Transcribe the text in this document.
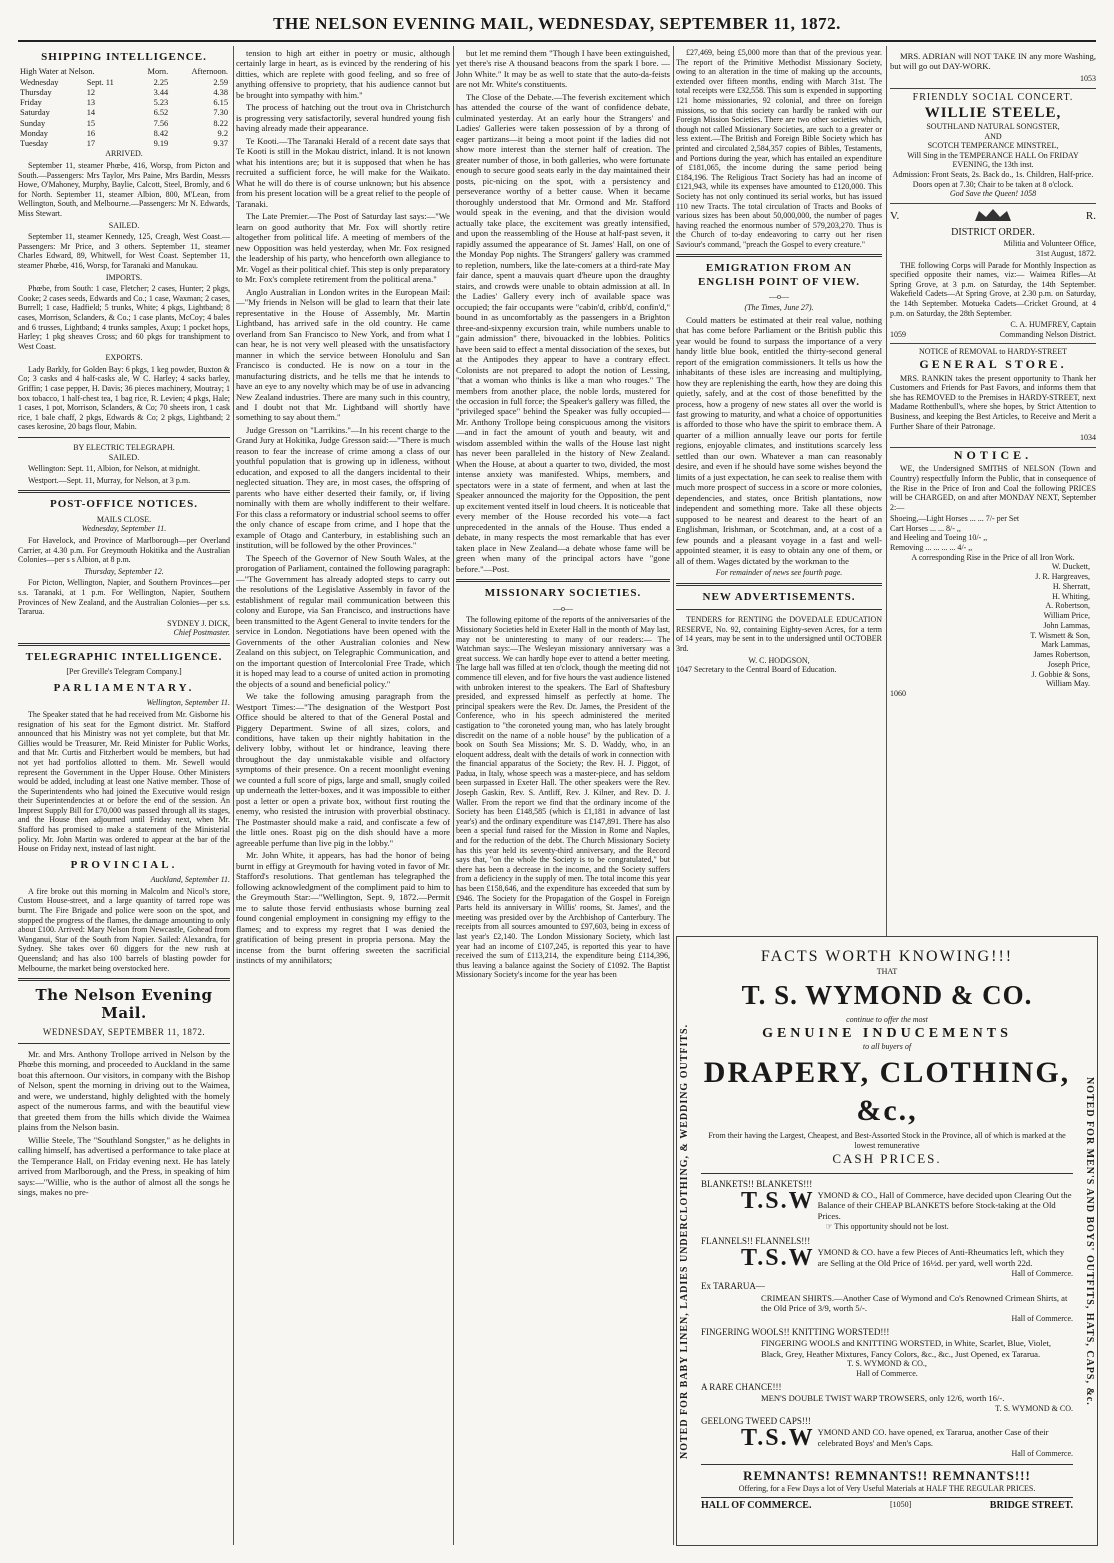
THE NELSON EVENING MAIL, WEDNESDAY, SEPTEMBER 11, 1872.
SHIPPING INTELLIGENCE.
High Water at Nelson.		Morn.	Afternoon.
Wednesday	Sept. 11	2.25	2.59
Thursday	12	3.44	4.38
Friday	13	5.23	6.15
Saturday	14	6.52	7.30
Sunday	15	7.56	8.22
Monday	16	8.42	9.2
Tuesday	17	9.19	9.37
ARRIVED.

September 11, steamer Phœbe, 416, Worsp, from Picton and South.—Passengers: Mrs Taylor, Mrs Paine, Mrs Bardin, Messrs Howe, O'Mahoney, Murphy, Baylie, Calcott, Steel, Bromly, and 6 for North. September 11, steamer Albion, 800, M'Lean, from Wellington, South, and Melbourne.—Passengers: Mr N. Edwards, Miss Stewart.

SAILED.

September 11, steamer Kennedy, 125, Creagh, West Coast.—Passengers: Mr Price, and 3 others. September 11, steamer Charles Edward, 89, Whitwell, for West Coast. September 11, steamer Phœbe, 416, Worsp, for Taranaki and Manukau.

IMPORTS.

Phœbe, from South: 1 case, Fletcher; 2 cases, Hunter; 2 pkgs, Cooke; 2 cases seeds, Edwards and Co.; 1 case, Waxman; 2 cases, Burrell; 1 case, Hadfield; 5 trunks, White; 4 pkgs, Lightband; 8 cases, Morrison, Sclanders, & Co.; 1 case plants, McCoy; 4 bales and 6 trusses, Lightband; 4 trunks samples, Axup; 1 pocket hops, Harley; 1 pkg sheaves Cross; and 60 pkgs for transhipment to West Coast.

EXPORTS.

Lady Barkly, for Golden Bay: 6 pkgs, 1 keg powder, Buxton & Co; 3 casks and 4 half-casks ale, W C. Harley; 4 sacks barley, Griffin; 1 case pepper, H. Davis; 36 pieces machinery, Moutray; 1 box tobacco, 1 half-chest tea, 1 bag rice, R. Levien; 4 pkgs, Hale; 1 cases, 1 pot, Morrison, Sclanders, & Co; 70 sheets iron, 1 cask rice, 1 bale chaff, 2 pkgs, Edwards & Co; 2 pkgs, Lightband; 2 cases kerosine, 20 bags flour, Mabin.

BY ELECTRIC TELEGRAPH.
SAILED.

Wellington: Sept. 11, Albion, for Nelson, at midnight.

Westport.—Sept. 11, Murray, for Nelson, at 3 p.m.

POST-OFFICE NOTICES.
MAILS CLOSE.
Wednesday, September 11.

For Havelock, and Province of Marlborough—per Overland Carrier, at 4.30 p.m. For Greymouth Hokitika and the Australian Colonies—per s s Albion, at 8 p.m.

Thursday, September 12.

For Picton, Wellington, Napier, and Southern Provinces—per s.s. Taranaki, at 1 p.m. For Wellington, Napier, Southern Provinces of New Zealand, and the Australian Colonies—per s.s. Tararua.

SYDNEY J. DICK,
Chief Postmaster.
TELEGRAPHIC INTELLIGENCE.
[Per Greville's Telegram Company.]
PARLIAMENTARY.
Wellington, September 11.

The Speaker stated that he had received from Mr. Gisborne his resignation of his seat for the Egmont district. Mr. Stafford announced that his Ministry was not yet complete, but that Mr. Gillies would be Treasurer, Mr. Reid Minister for Public Works, and that Mr. Curtis and Fitzherbert would be members, but had not yet had portfolios allotted to them. Mr. Sewell would represent the Government in the Upper House. Other Ministers would be added, including at least one Native member. Those of the Superintendents who had joined the Executive would resign their Superintendencies at or before the end of the session. An Imprest Supply Bill for £70,000 was passed through all its stages, and the House then adjourned until Friday next, when Mr. Stafford has promised to make a statement of the Ministerial policy. Mr. John Martin was ordered to appear at the bar of the House on Friday next, instead of last night.

PROVINCIAL.
Auckland, September 11.

A fire broke out this morning in Malcolm and Nicol's store, Custom House-street, and a large quantity of tarred rope was burnt. The Fire Brigade and police were soon on the spot, and stopped the progress of the flames, the damage amounting to only about £100. Arrived: Mary Nelson from Newcastle, Gohead from Wanganui, Star of the South from Napier. Sailed: Alexandra, for Sydney. She takes over 60 diggers for the new rush at Queensland; and has also 100 barrels of blasting powder for Melbourne, the market being overstocked here.

The Nelson Evening Mail.
WEDNESDAY, SEPTEMBER 11, 1872.

Mr. and Mrs. Anthony Trollope arrived in Nelson by the Phœbe this morning, and proceeded to Auckland in the same boat this afternoon. Our visitors, in company with the Bishop of Nelson, spent the morning in driving out to the Waimea, and were, we understand, highly delighted with the homely aspect of the numerous farms, and with the beautiful view that greeted them from the hills which divide the Waimea plains from the Nelson basin.

Willie Steele, The "Southland Songster," as he delights in calling himself, has advertised a performance to take place at the Temperance Hall, on Friday evening next. He has lately arrived from Marlborough, and the Press, in speaking of him says:—"Willie, who is the author of almost all the songs he sings, makes no pre-

tension to high art either in poetry or music, although certainly large in heart, as is evinced by the rendering of his ditties, which are replete with good feeling, and so free of anything offensive to propriety, that his audience cannot but be brought into sympathy with him."

The process of hatching out the trout ova in Christchurch is progressing very satisfactorily, several hundred young fish having already made their appearance.

Te Kooti.—The Taranaki Herald of a recent date says that Te Kooti is still in the Mokau district, inland. It is not known what his intentions are; but it is supposed that when he has recruited a sufficient force, he will make for the Waikato. What he will do there is of course unknown; but his absence from his present location will be a great relief to the people of Taranaki.

The Late Premier.—The Post of Saturday last says:—"We learn on good authority that Mr. Fox will shortly retire altogether from political life. A meeting of members of the new Opposition was held yesterday, when Mr. Fox resigned the leadership of his party, who henceforth own allegiance to Mr. Vogel as their political chief. This step is only preparatory to Mr. Fox's complete retirement from the political arena."

Anglo Australian in London writes in the European Mail:—"My friends in Nelson will be glad to learn that their late representative in the House of Assembly, Mr. Martin Lightband, has arrived safe in the old country. He came overland from San Francisco to New York, and from what I can hear, he is not very well pleased with the unsatisfactory manner in which the service between Honolulu and San Francisco is conducted. He is now on a tour in the manufacturing districts, and he tells me that he intends to have an eye to any novelty which may be of use in advancing New Zealand industries. There are many such in this country, and I doubt not that Mr. Lightband will shortly have something to say about them."

Judge Gresson on "Larrikins."—In his recent charge to the Grand Jury at Hokitika, Judge Gresson said:—"There is much reason to fear the increase of crime among a class of our youthful population that is growing up in idleness, without education, and exposed to all the dangers incidental to their neglected situation. They are, in most cases, the offspring of parents who have either deserted their family, or, if living nominally with them are wholly indifferent to their welfare. For this class a reformatory or industrial school seems to offer the only chance of escape from crime, and I hope that the example of Otago and Canterbury, in establishing such an institution, will be followed by the other Provinces."

The Speech of the Governor of New South Wales, at the prorogation of Parliament, contained the following paragraph:—"The Government has already adopted steps to carry out the resolutions of the Legislative Assembly in favor of the establishment of regular mail communication between this colony and Europe, via San Francisco, and instructions have been transmitted to the Agent General to invite tenders for the service in London. Negotiations have been opened with the Governments of the other Australian colonies and New Zealand on this subject, on Telegraphic Communication, and on the important question of Intercolonial Free Trade, which it is hoped may lead to a course of united action in promoting the objects of a sound and beneficial policy."

We take the following amusing paragraph from the Westport Times:—"The designation of the Westport Post Office should be altered to that of the General Postal and Piggery Department. Swine of all sizes, colors, and conditions, have taken up their nightly habitation in the delivery lobby, without let or hindrance, leaving there throughout the day unmistakable visible and olfactory symptoms of their presence. On a recent moonlight evening we counted a full score of pigs, large and small, snugly coiled up underneath the letter-boxes, and it was impossible to either post a letter or open a private box, without first routing the enemy, who resisted the intrusion with proverbial obstinacy. The Postmaster should make a raid, and confiscate a few of the little ones. Roast pig on the dish should have a more agreeable perfume than live pig in the lobby."

Mr. John White, it appears, has had the honor of being burnt in effigy at Greymouth for having voted in favor of Mr. Stafford's resolutions. That gentleman has telegraphed the following acknowledgment of the compliment paid to him to the Greymouth Star:—"Wellington, Sept. 9, 1872.—Permit me to salute those fervid enthusiasts whose burning zeal found congenial employment in consigning my effigy to the flames; and to express my regret that I was denied the gratification of being present in propria persona. May the incense from the burnt offering sweeten the sacrificial instincts of my annihilators;

but let me remind them "Though I have been extinguished, yet there's rise A thousand beacons from the spark I bore. —John White." It may be as well to state that the auto-da-feists are not Mr. White's constituents.

The Close of the Debate.—The feverish excitement which has attended the course of the want of confidence debate, culminated yesterday. At an early hour the Strangers' and Ladies' Galleries were taken possession of by a throng of eager partizans—it being a moot point if the ladies did not show more interest than the sterner half of creation. The greater number of those, in both galleries, who were fortunate enough to secure good seats early in the day maintained their posts, pic-nicing on the spot, with a persistency and perseverance worthy of a better cause. When it became thoroughly understood that Mr. Ormond and Mr. Stafford would speak in the evening, and that the division would actually take place, the excitement was greatly intensified, and upon the reassembling of the House at half-past seven, it rapidly assumed the appearance of St. James' Hall, on one of the Monday Pop nights. The Strangers' gallery was crammed to repletion, numbers, like the late-comers at a third-rate May fair dance, spent a mauvais quart d'heure upon the draughty stairs, and crowds were unable to obtain admission at all. In the Ladies' Gallery every inch of available space was occupied; the fair occupants were "cabin'd, cribb'd, confin'd," bound in as uncomfortably as the passengers in a Brighton three-and-sixpenny excursion train, while numbers unable to "gain admission" there, bivouacked in the lobbies. Politics have been said to effect a mental dissociation of the sexes, but at the Antipodes they appear to have a contrary effect. Colonists are not prepared to adopt the notion of Lessing, "that a woman who thinks is like a man who rouges." The members from another place, the noble lords, mustered for the occasion in full force; the Speaker's gallery was filled, the "privileged space" behind the Speaker was fully occupied—Mr. Anthony Trollope being conspicuous among the visitors—and in fact the amount of youth and beauty, wit and wisdom assembled within the walls of the House last night has never been paralleled in the history of New Zealand. When the House, at about a quarter to two, divided, the most intense anxiety was manifested. Whips, members, and spectators were in a state of ferment, and when at last the Speaker announced the majority for the Opposition, the pent up excitement vented itself in loud cheers. It is noticeable that every member of the House recorded his vote—a fact unprecedented in the annals of the House. Thus ended a debate, in many respects the most remarkable that has ever taken place in New Zealand—a debate whose fame will be green when many of the principal actors have "gone before."—Post.

MISSIONARY SOCIETIES.
—o—

The following epitome of the reports of the anniversaries of the Missionary Societies held in Exeter Hall in the month of May last, may not be uninteresting to many of our readers:— The Watchman says:—The Wesleyan missionary anniversary was a great success. We can hardly hope ever to attend a better meeting. The large hall was filled at ten o'clock, though the meeting did not commence till eleven, and for five hours the vast audience listened with unbroken interest to the speakers. The Earl of Shaftesbury presided, and expressed himself as perfectly at home. The principal speakers were the Rev. Dr. James, the President of the Conference, who in his speech administered the merited castigation to "the coroneted young man, who has lately brought discredit on the name of a noble house" by the publication of a book on South Sea Missions; Mr. S. D. Waddy, who, in an eloquent address, dealt with the details of work in connection with the financial apparatus of the Society; the Rev. H. J. Piggot, of Padua, in Italy, whose speech was a master-piece, and has seldom been surpassed in Exeter Hall. The other speakers were the Rev. Joseph Gaskin, Rev. S. Antliff, Rev. J. Kilner, and Rev. D. J. Waller. From the report we find that the ordinary income of the Society has been £148,585 (which is £1,181 in advance of last year's) and the ordinary expenditure was £147,891. There has also been a special fund raised for the Mission in Rome and Naples, and for the reduction of the debt. The Church Missionary Society has this year held its seventy-third anniversary, and the Record says that, "on the whole the Society is to be congratulated," but there has been a decrease in the income, and the Society suffers from a deficiency in the supply of men. The total income this year has been £158,646, and the expenditure has exceeded that sum by £946. The Society for the Propagation of the Gospel in Foreign Parts held its anniversary in Willis' rooms, St. James', and the meeting was presided over by the Archbishop of Canterbury. The receipts from all sources amounted to £97,603, being in excess of last year's £2,140. The London Missionary Society, which last year had an income of £107,245, is reported this year to have received the sum of £113,214, the expenditure being £114,396, thus leaving a balance against the Society of £1092. The Baptist Missionary Society's income for the year has been

£27,469, being £5,000 more than that of the previous year. The report of the Primitive Methodist Missionary Society, owing to an alteration in the time of making up the accounts, extended over fifteen months, ending with March 31st. The total receipts were £32,558. This sum is expended in supporting 121 home missionaries, 92 colonial, and three on foreign missions, so that this society can hardly be ranked with our Foreign Mission Societies. There are two other societies which, though not called Missionary Societies, are such to a greater or less extent.—The British and Foreign Bible Society which has printed and circulated 2,584,357 copies of Bibles, Testaments, and Portions during the year, which has entailed an expenditure of £181,065, the income during the same period being £184,196. The Religious Tract Society has had an income of £121,943, while its expenses have amounted to £120,000. This Society has not only continued its serial works, but has issued 110 new Tracts. The total circulation of Tracts and Books of various sizes has been about 50,000,000, the number of pages having reached the enormous number of 579,203,270. Thus is the Church of to-day endeavoring to carry out her risen Saviour's command, "preach the Gospel to every creature."

EMIGRATION FROM AN ENGLISH POINT OF VIEW.
—o—
(The Times, June 27).

Could matters be estimated at their real value, nothing that has come before Parliament or the British public this year would be found to surpass the importance of a very handy little blue book, entitled the thirty-second general report of the emigration commissioners. It tells us how the inhabitants of these isles are increasing and multiplying, how they are replenishing the earth, how they are doing this quietly, safely, and at the cost of those benefitted by the process, how a progeny of new states all over the world is fast growing to maturity, and what a choice of opportunities is afforded to those who have the spirit to embrace them. A quarter of a million annually leave our ports for fertile regions, enjoyable climates, and institutions scarcely less settled than our own. Whatever a man can reasonably desire, and even if he should have some wishes beyond the limits of a just expectation, he can seek to realise them with much more prospect of success in a score or more colonies, dependencies, and states, once British plantations, now independent and something more. Take all these objects supposed to be nearest and dearest to the heart of an Englishman, Irishman, or Scotchman, and, at a cost of a few pounds and a pleasant voyage in a fast and well-appointed steamer, it is easy to obtain any one of them, or all of them. Wages dictated by the workman to the

For remainder of news see fourth page.
NEW ADVERTISEMENTS.

TENDERS for RENTING the DOVEDALE EDUCATION RESERVE, No. 92, containing Eighty-seven Acres, for a term of 14 years, may be sent in to the undersigned until OCTOBER 3rd.

W. C. HODGSON,
1047 Secretary to the Central Board of Education.

MRS. ADRIAN will NOT TAKE IN any more Washing, but will go out DAY-WORK.

1053
FRIENDLY SOCIAL CONCERT.
WILLIE STEELE,
SOUTHLAND NATURAL SONGSTER,
AND
SCOTCH TEMPERANCE MINSTREL,
Will Sing in the TEMPERANCE HALL On FRIDAY EVENING, the 13th inst.
Admission: Front Seats, 2s. Back do., 1s. Children, Half-price.
Doors open at 7.30; Chair to be taken at 8 o'clock.
God Save the Queen! 1058
V.	R.
DISTRICT ORDER.
Militia and Volunteer Office,
31st August, 1872.

THE following Corps will Parade for Monthly Inspection as specified opposite their names, viz:— Waimea Rifles—At Spring Grove, at 3 p.m. on Saturday, the 14th September. Wakefield Cadets—At Spring Grove, at 2.30 p.m. on Saturday, the 14th September. Motueka Cadets—Cricket Ground, at 4 p.m. on Saturday, the 28th September.

C. A. HUMFREY, Captain
1059	Commanding Nelson District.
NOTICE of REMOVAL to HARDY-STREET
GENERAL STORE.

MRS. RANKIN takes the present opportunity to Thank her Customers and Friends for Past Favors, and informs them that she has REMOVED to the Premises in HARDY-STREET, next Madame Rotthenbull's, where she hopes, by Strict Attention to Business, and keeping the Best Articles, to Receive and Merit a Further Share of their Patronage.

1034
NOTICE.

WE, the Undersigned SMITHS of NELSON (Town and Country) respectfully Inform the Public, that in consequence of the Rise in the Price of Iron and Coal the following PRICES will be CHARGED, on and after MONDAY NEXT, September 2:—

Shoeing,—Light Horses ... ... 7/- per Set
Cart Horses ... ... 8/- ,,
and Heeling and Toeing 10/- ,,
Removing ... ... ... ... 4/- ,,
A corresponding Rise in the Price of all Iron Work.
W. Duckett,
J. R. Hargreaves,
H. Sherratt,
H. Whiting,
A. Robertson,
William Price,
John Lammas,
T. Wismett & Son,
Mark Lammas,
James Robertson,
Joseph Price,
J. Gobbie & Sons,
William May.
1060
FACTS WORTH KNOWING!!!
THAT
T. S. WYMOND & CO.
continue to offer the most
GENUINE INDUCEMENTS
to all buyers of
DRAPERY, CLOTHING, &c.,
From their having the Largest, Cheapest, and Best-Assorted Stock in the Province, all of which is marked at the lowest remunerative
CASH PRICES.
BLANKETS!! BLANKETS!!!
T.S.W YMOND & CO., Hall of Commerce, have decided upon Clearing Out the Balance of their CHEAP BLANKETS before Stock-taking at the Old Prices.
☞ This opportunity should not be lost.
FLANNELS!! FLANNELS!!!
T.S.W YMOND & CO. have a few Pieces of Anti-Rheumatics left, which they are Selling at the Old Price of 16½d. per yard, well worth 22d.
Hall of Commerce.
Ex TARARUA—
CRIMEAN SHIRTS.—Another Case of Wymond and Co's Renowned Crimean Shirts, at the Old Price of 3/9, worth 5/-.
Hall of Commerce.
FINGERING WOOLS!! KNITTING WORSTED!!!
FINGERING WOOLS and KNITTING WORSTED, in White, Scarlet, Blue, Violet, Black, Grey, Heather Mixtures, Fancy Colors, &c., &c., Just Opened, ex Tararua.
T. S. WYMOND & CO.,
Hall of Commerce.
A RARE CHANCE!!!
MEN'S DOUBLE TWIST WARP TROWSERS, only 12/6, worth 16/-.
T. S. WYMOND & CO.
GEELONG TWEED CAPS!!!
T.S.W YMOND AND CO. have opened, ex Tararua, another Case of their celebrated Boys' and Men's Caps.
Hall of Commerce.
REMNANTS! REMNANTS!! REMNANTS!!!
Offering, for a Few Days a lot of Very Useful Materials at HALF THE REGULAR PRICES.
HALL OF COMMERCE.	[1050]	BRIDGE STREET.
NOTED FOR BABY LINEN, LADIES UNDERCLOTHING, & WEDDING OUTFITS.	NOTED FOR MEN'S AND BOYS' OUTFITS, HATS, CAPS, &c.
